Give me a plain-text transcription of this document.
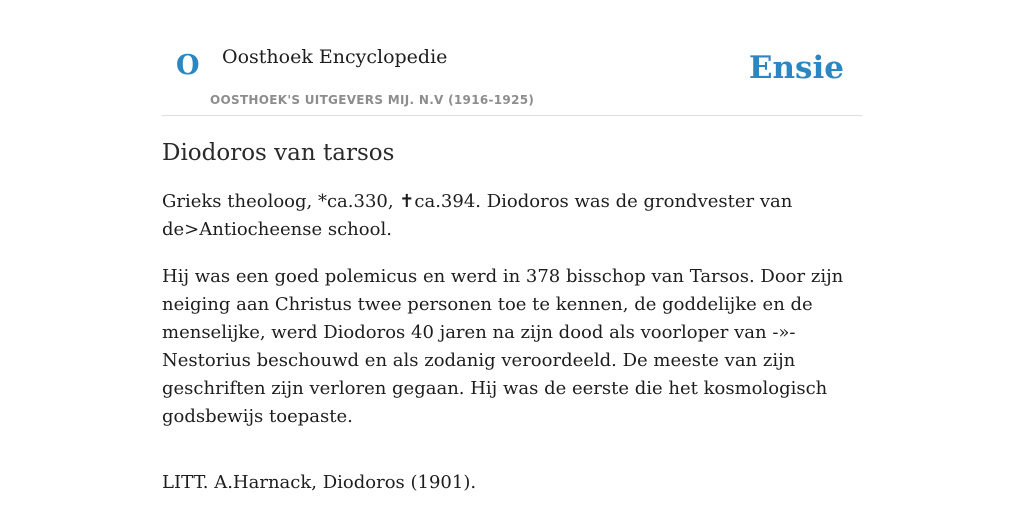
O Oosthoek Encyclopedie
OOSTHOEK'S UITGEVERS MIJ. N.V (1916-1925)
Ensie
Diodoros van tarsos

Grieks theoloog, *ca.330, ✝ca.394. Diodoros was de grondvester van de>Antiocheense school.

Hij was een goed polemicus en werd in 378 bisschop van Tarsos. Door zijn neiging aan Christus twee personen toe te kennen, de goddelijke en de menselijke, werd Diodoros 40 jaren na zijn dood als voorloper van -»-Nestorius beschouwd en als zodanig veroordeeld. De meeste van zijn geschriften zijn verloren gegaan. Hij was de eerste die het kosmologisch godsbewijs toepaste.

LITT. A.Harnack, Diodoros (1901).
